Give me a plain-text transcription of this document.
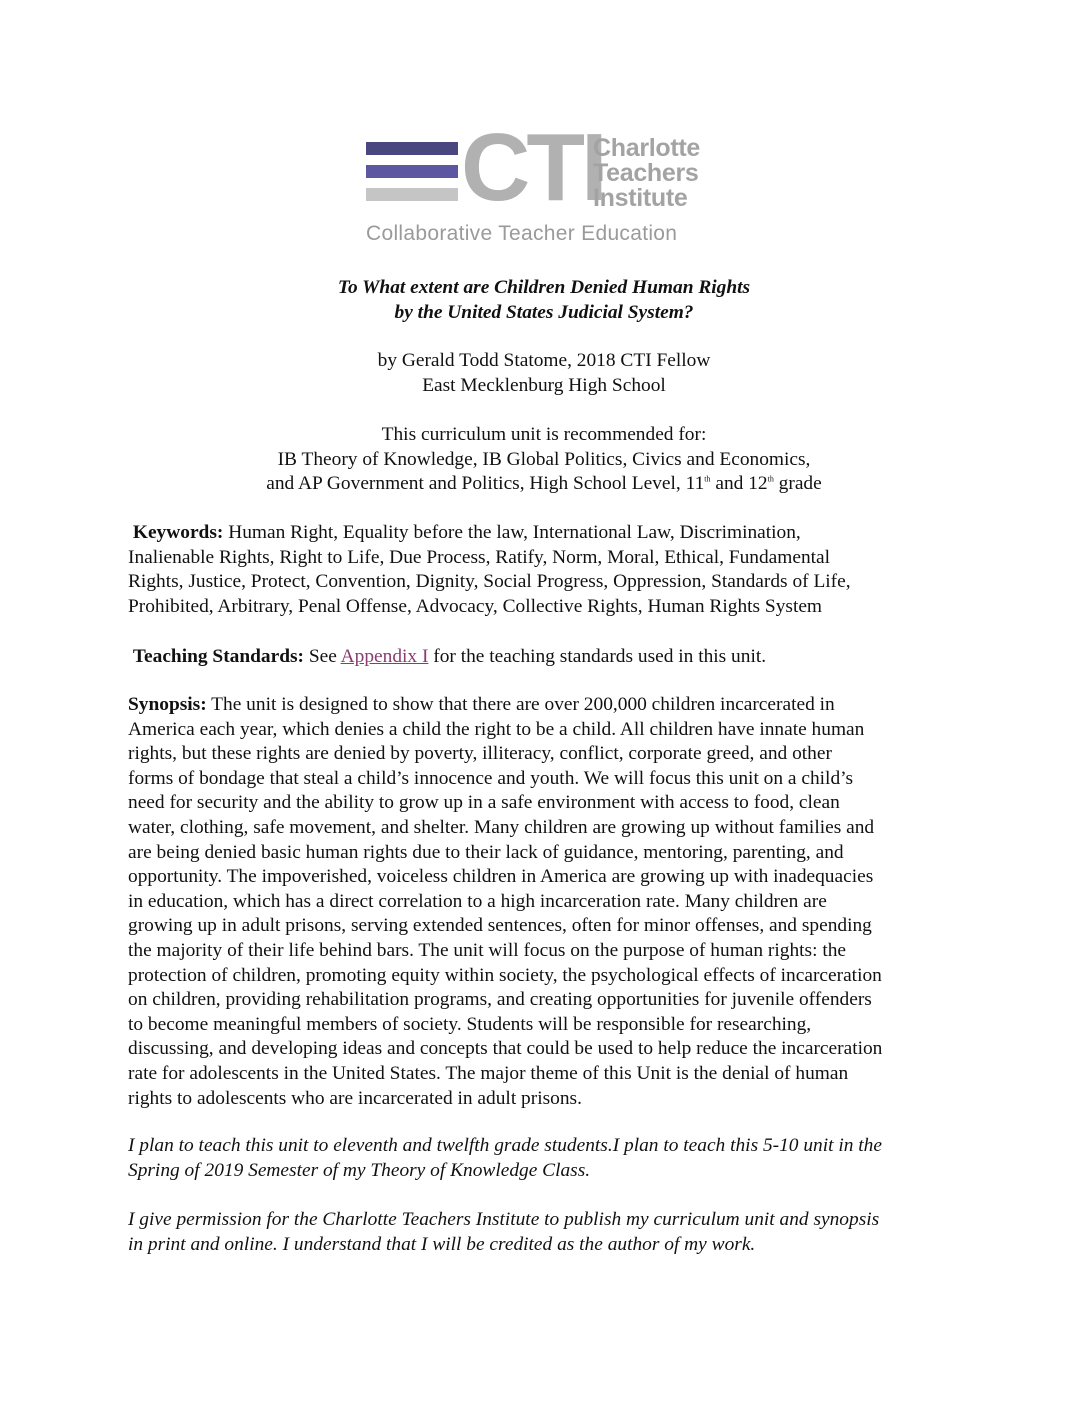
CTI
Charlotte
Teachers
Institute
Collaborative Teacher Education
To What extent are Children Denied Human Rights
by the United States Judicial System?
by Gerald Todd Statome, 2018 CTI Fellow
East Mecklenburg High School
This curriculum unit is recommended for:
IB Theory of Knowledge, IB Global Politics, Civics and Economics,
and AP Government and Politics, High School Level, 11th and 12th grade
Keywords: Human Right, Equality before the law, International Law, Discrimination,
Inalienable Rights, Right to Life, Due Process, Ratify, Norm, Moral, Ethical, Fundamental
Rights, Justice, Protect, Convention, Dignity, Social Progress, Oppression, Standards of Life,
Prohibited, Arbitrary, Penal Offense, Advocacy, Collective Rights, Human Rights System
Teaching Standards: See Appendix I for the teaching standards used in this unit.
Synopsis: The unit is designed to show that there are over 200,000 children incarcerated in
America each year, which denies a child the right to be a child. All children have innate human
rights, but these rights are denied by poverty, illiteracy, conflict, corporate greed, and other
forms of bondage that steal a child’s innocence and youth. We will focus this unit on a child’s
need for security and the ability to grow up in a safe environment with access to food, clean
water, clothing, safe movement, and shelter. Many children are growing up without families and
are being denied basic human rights due to their lack of guidance, mentoring, parenting, and
opportunity. The impoverished, voiceless children in America are growing up with inadequacies
in education, which has a direct correlation to a high incarceration rate. Many children are
growing up in adult prisons, serving extended sentences, often for minor offenses, and spending
the majority of their life behind bars. The unit will focus on the purpose of human rights: the
protection of children, promoting equity within society, the psychological effects of incarceration
on children, providing rehabilitation programs, and creating opportunities for juvenile offenders
to become meaningful members of society. Students will be responsible for researching,
discussing, and developing ideas and concepts that could be used to help reduce the incarceration
rate for adolescents in the United States. The major theme of this Unit is the denial of human
rights to adolescents who are incarcerated in adult prisons.
I plan to teach this unit to eleventh and twelfth grade students.I plan to teach this 5-10 unit in the
Spring of 2019 Semester of my Theory of Knowledge Class.
I give permission for the Charlotte Teachers Institute to publish my curriculum unit and synopsis
in print and online. I understand that I will be credited as the author of my work.
